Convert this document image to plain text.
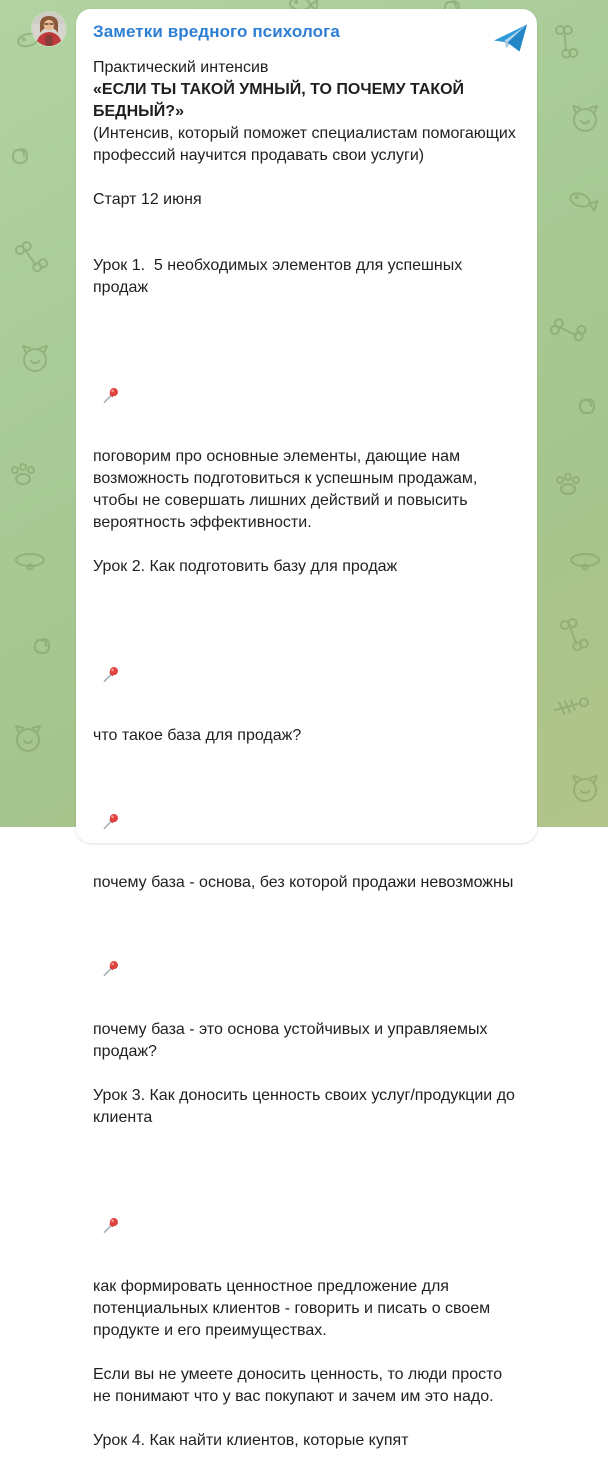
Заметки вредного психолога
Практический интенсив
«ЕСЛИ ТЫ ТАКОЙ УМНЫЙ, ТО ПОЧЕМУ ТАКОЙ БЕДНЫЙ?»
(Интенсив, который поможет специалистам помогающих профессий научится продавать свои услуги)
Старт 12 июня
Урок 1.  5 необходимых элементов для успешных продаж

поговорим про основные элементы, дающие нам возможность подготовиться к успешным продажам, чтобы не совершать лишних действий и повысить вероятность эффективности.
Урок 2. Как подготовить базу для продаж

что такое база для продаж?

почему база - основа, без которой продажи невозможны

почему база - это основа устойчивых и управляемых продаж?
Урок 3. Как доносить ценность своих услуг/продукции до клиента

как формировать ценностное предложение для потенциальных клиентов - говорить и писать о своем продукте и его преимуществах.
Если вы не умеете доносить ценность, то люди просто не понимают что у вас покупают и зачем им это надо.
Урок 4. Как найти клиентов, которые купят
